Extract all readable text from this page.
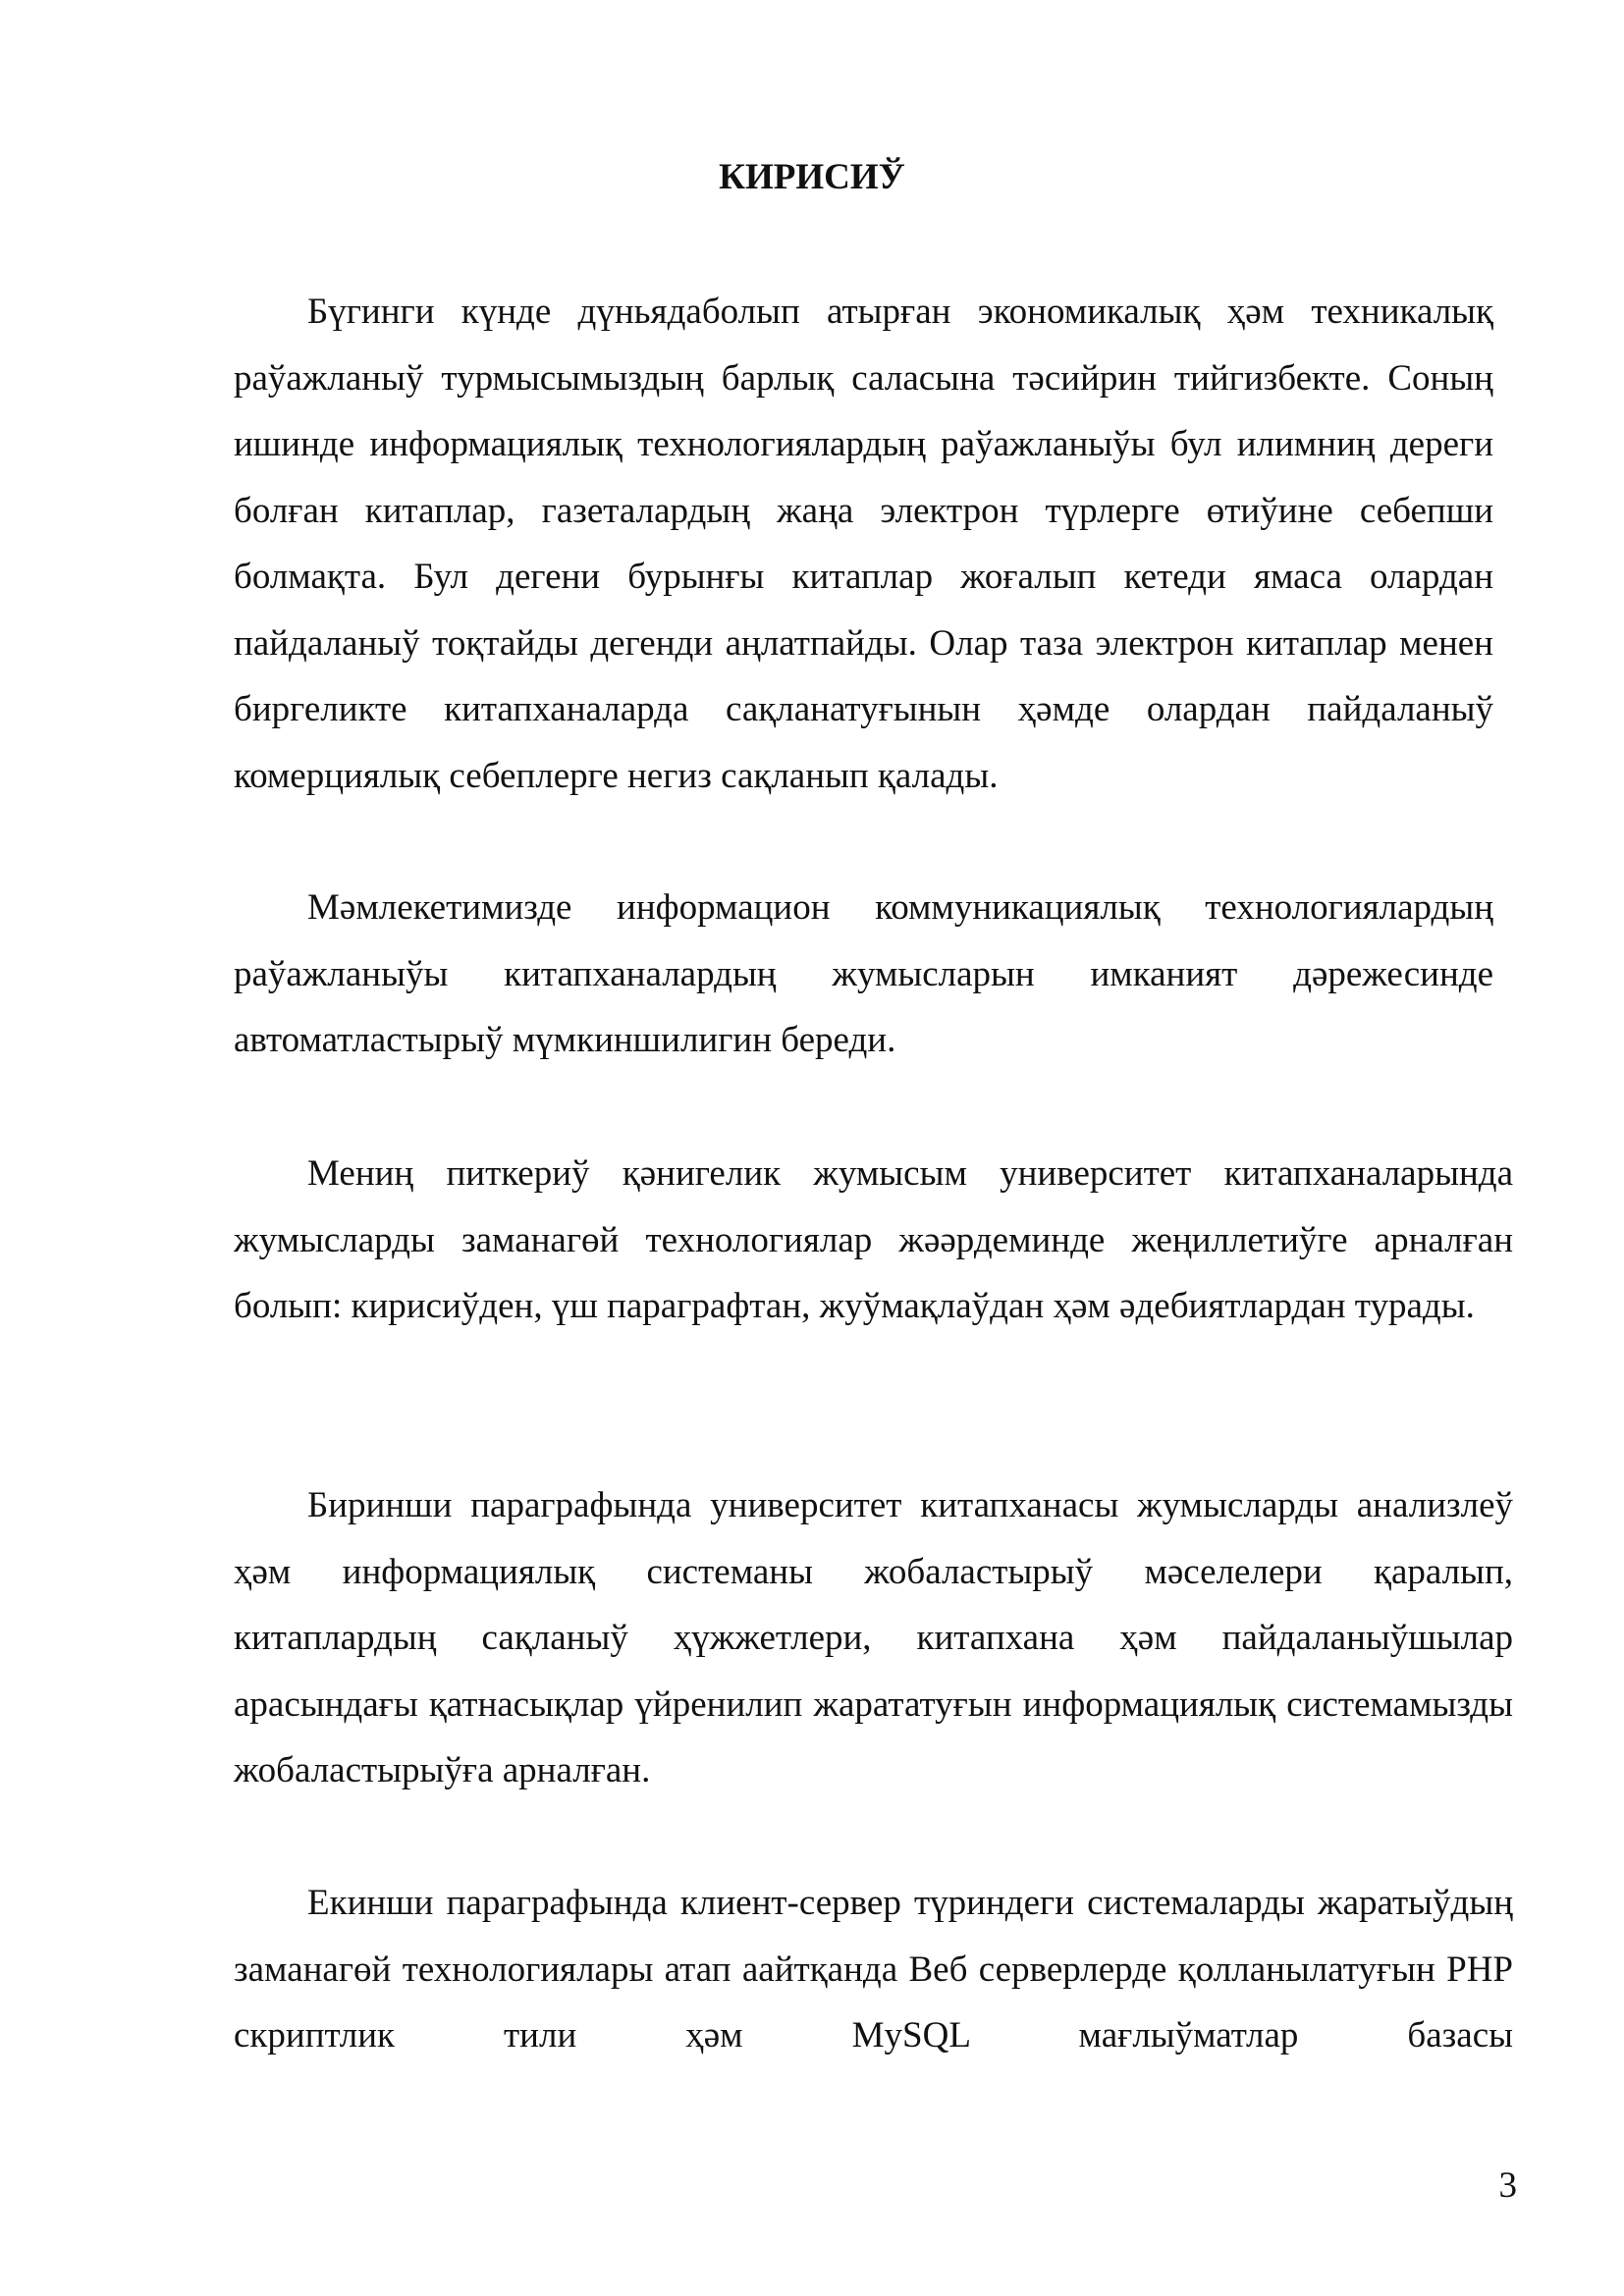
КИРИСИЎ

Бүгинги күнде дүньядаболып атырған экономикалық ҳәм техникалық раўажланыў турмысымыздың барлық саласына тәсийрин тийгизбекте. Соның ишинде информациялық технологиялардың раўажланыўы бул илимниң дереги болған китаплар, газеталардың жаңа электрон түрлерге өтиўине себепши болмақта. Бул дегени бурынғы китаплар жоғалып кетеди ямаса олардан пайдаланыў тоқтайды дегенди аңлатпайды. Олар таза электрон китаплар менен биргеликте китапханаларда сақланатуғынын ҳәмде олардан пайдаланыў комерциялық себеплерге негиз сақланып қалады.

Мәмлекетимизде информацион коммуникациялық технологиялардың раўажланыўы китапханалардың жумысларын имканият дәрежесинде автоматластырыў мүмкиншилигин береди.

Мениң питкериў қәнигелик жумысым университет китапханаларында жумысларды заманагөй технологиялар жәәрдеминде жеңиллетиўге арналған болып: кирисиўден, үш параграфтан, жуўмақлаўдан ҳәм әдебиятлардан турады.

Биринши параграфында университет китапханасы жумысларды анализлеў ҳәм информациялық системаны жобаластырыў мәселелери қаралып, китаплардың сақланыў ҳүжжетлери, китапхана ҳәм пайдаланыўшылар арасындағы қатнасықлар үйренилип жарататуғын информациялық системамызды жобаластырыўға арналған.

Екинши параграфында клиент-сервер түриндеги системаларды жаратыўдың заманагөй технологиялары атап аайтқанда Веб серверлерде қолланылатуғын PHP скриптлик тили ҳәм MySQL мағлыўматлар базасы

3
